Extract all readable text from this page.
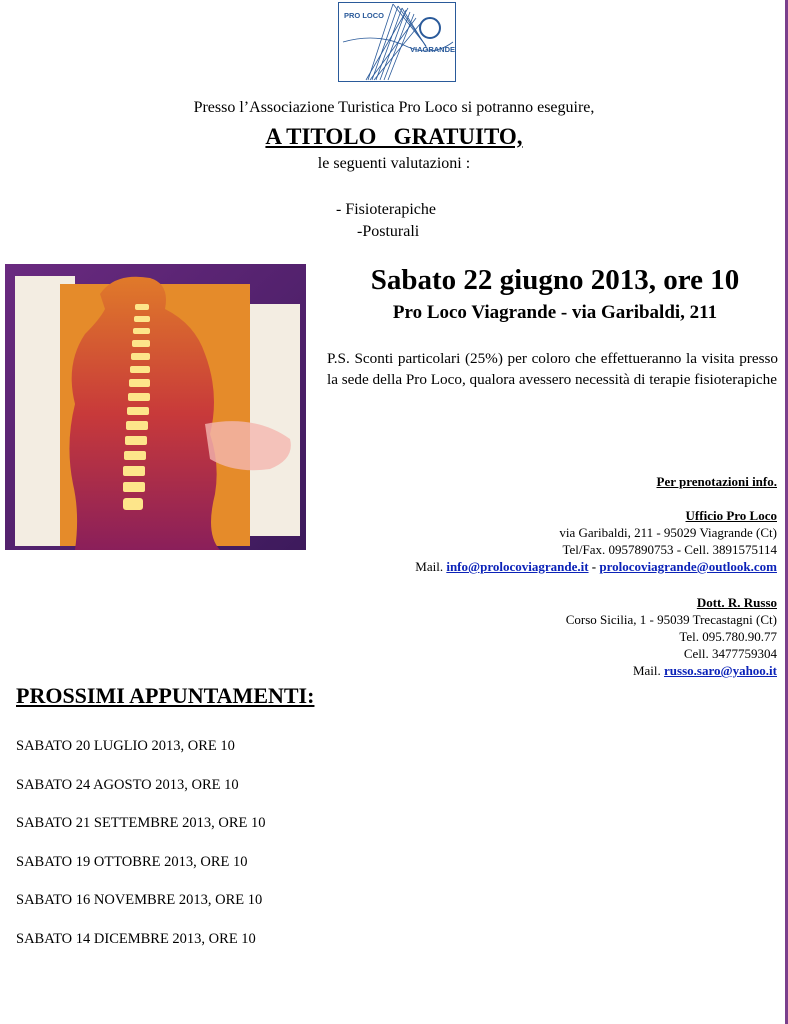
PRO LOCO
VIAGRANDE
Presso l’Associazione Turistica Pro Loco si potranno eseguire,
A TITOLO   GRATUITO,
le seguenti valutazioni :
- Fisioterapiche
-Posturali
Sabato 22 giugno 2013, ore 10
Pro Loco Viagrande - via Garibaldi, 211
P.S. Sconti particolari (25%) per coloro che effettueranno la visita presso la sede della Pro Loco, qualora avessero necessità di terapie fisioterapiche
Per prenotazioni info.
Ufficio Pro Loco
via Garibaldi, 211 - 95029 Viagrande (Ct)
Tel/Fax. 0957890753 - Cell. 3891575114
Mail. info@prolocoviagrande.it - prolocoviagrande@outlook.com
Dott. R. Russo
Corso Sicilia, 1 - 95039 Trecastagni (Ct)
Tel. 095.780.90.77
Cell. 3477759304
Mail. russo.saro@yahoo.it
PROSSIMI APPUNTAMENTI:
SABATO 20 LUGLIO 2013, ORE 10
SABATO 24 AGOSTO 2013, ORE 10
SABATO 21 SETTEMBRE 2013, ORE 10
SABATO 19 OTTOBRE 2013, ORE 10
SABATO 16 NOVEMBRE 2013, ORE 10
SABATO 14 DICEMBRE 2013, ORE 10
